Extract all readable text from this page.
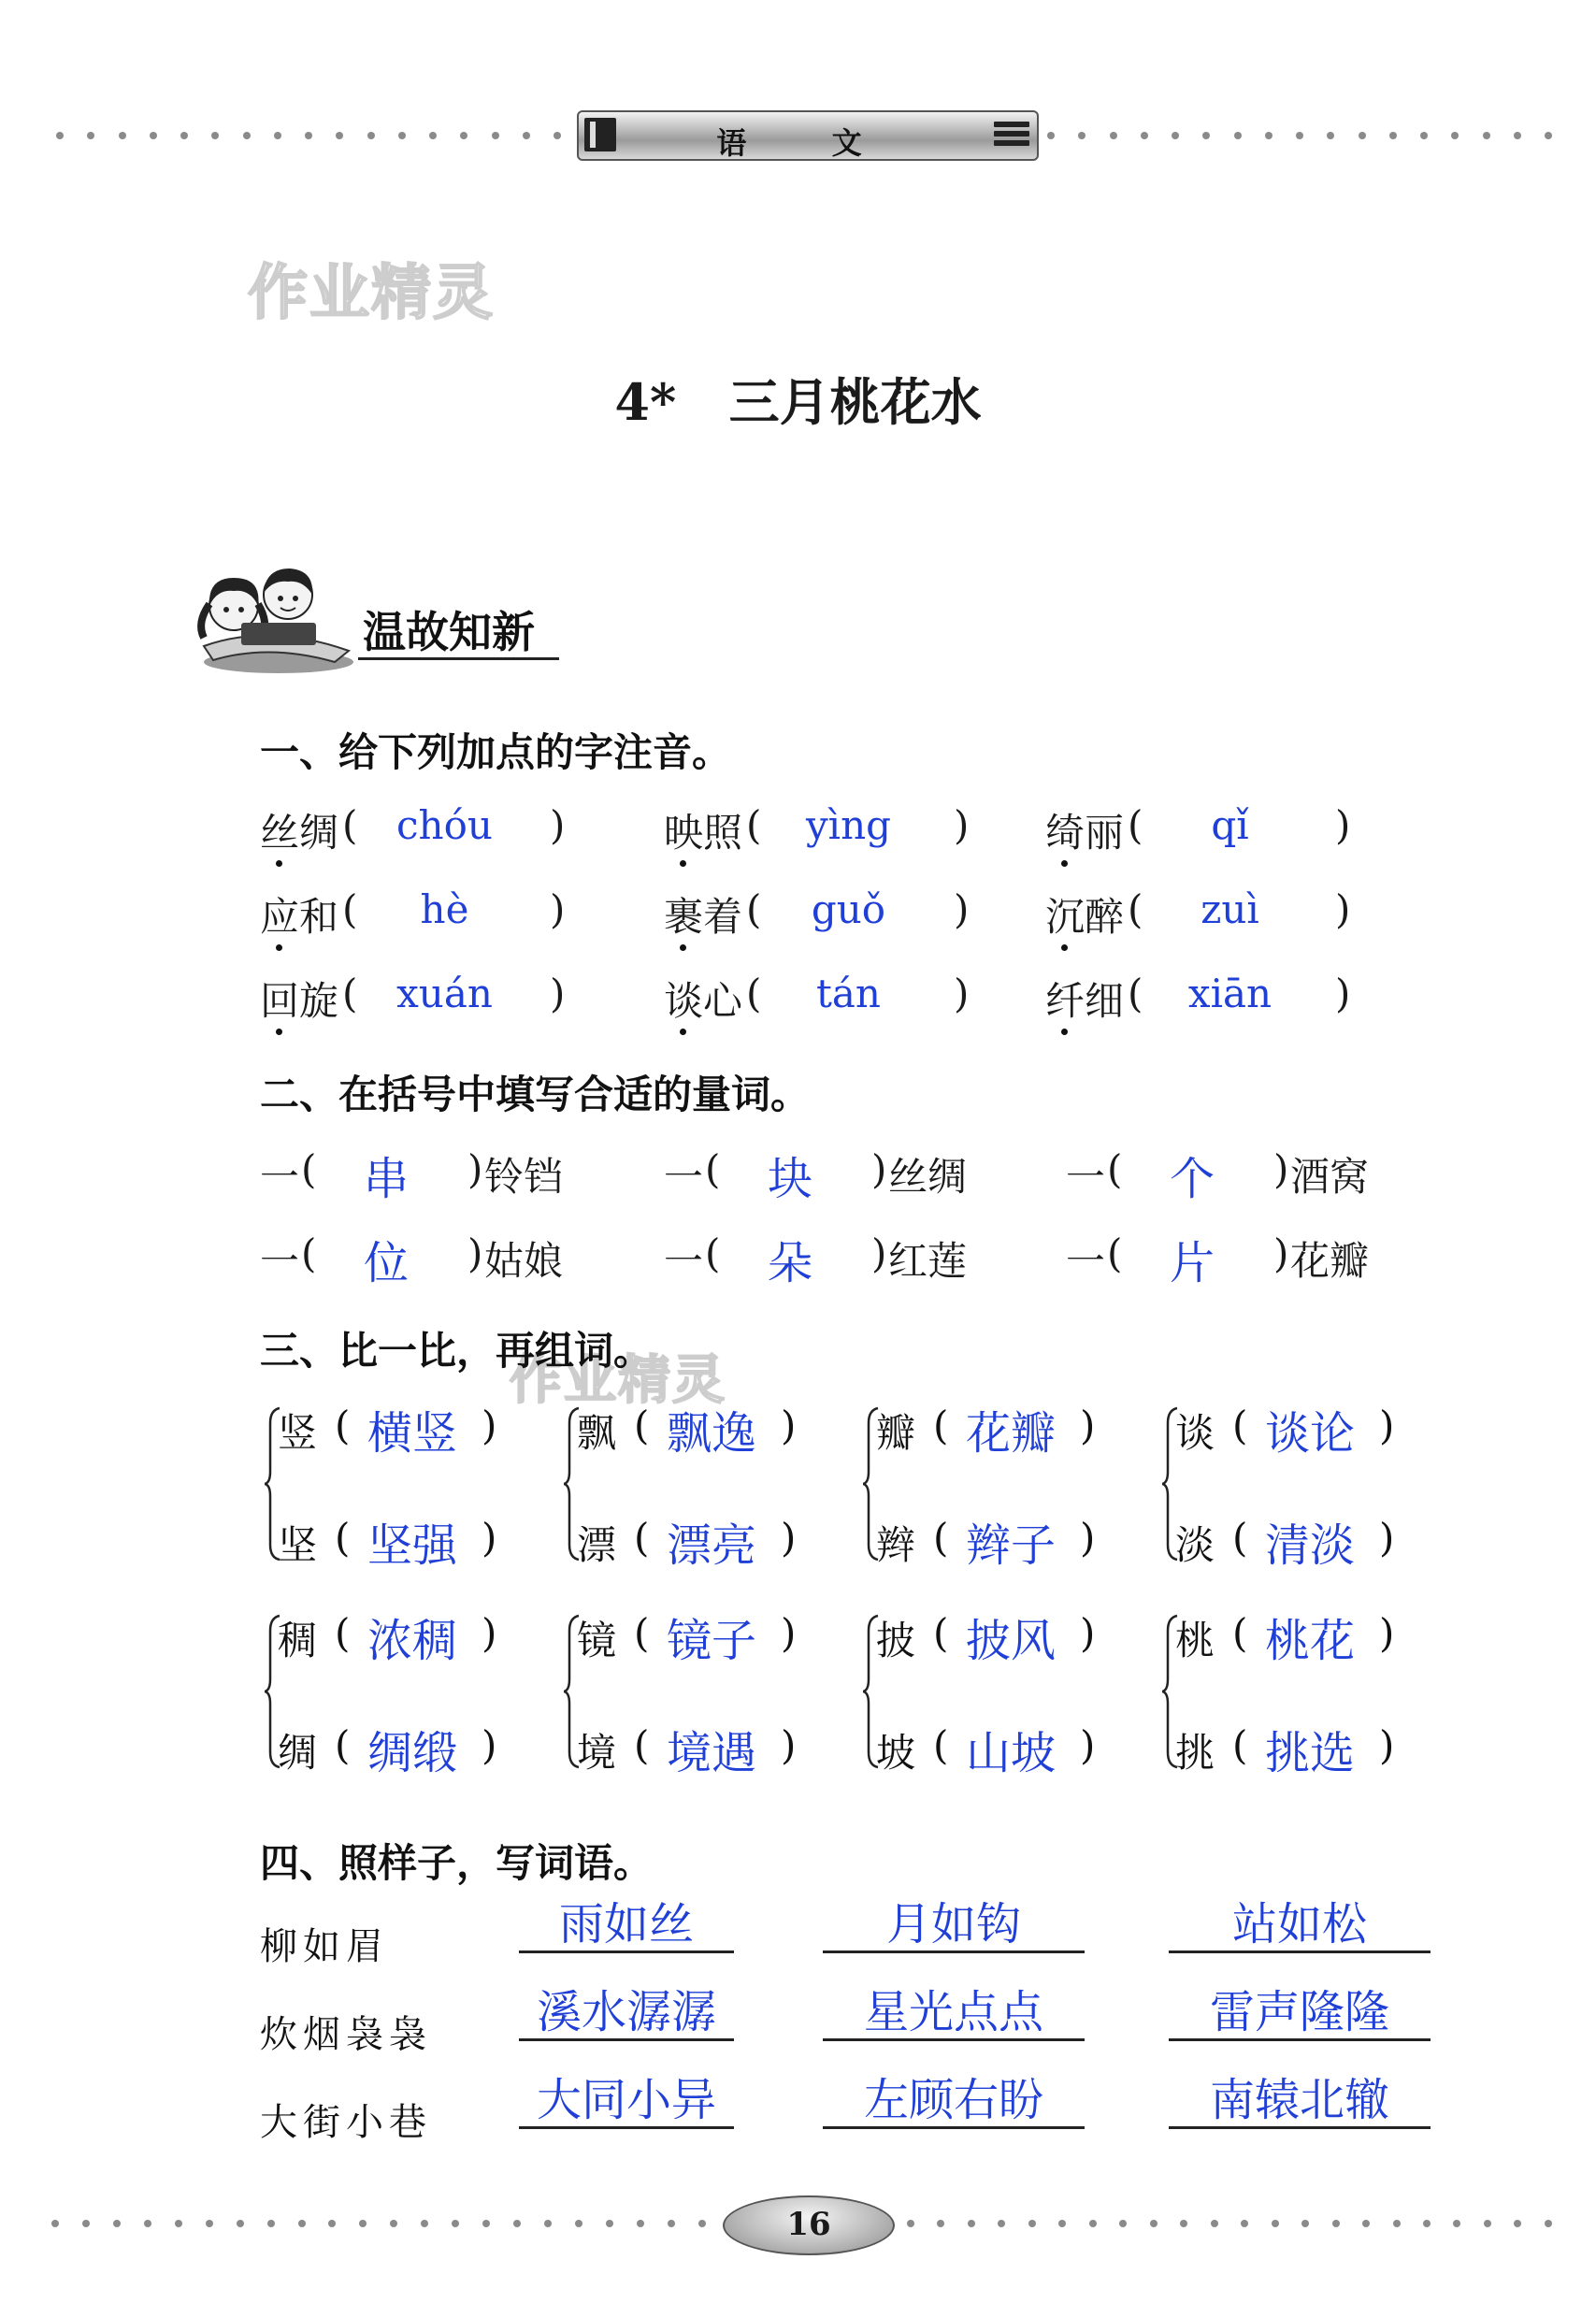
语 文
作业精灵
作业精灵
4*   三月桃花水
温故知新
一、给下列加点的字注音。
二、在括号中填写合适的量词。
三、比一比，再组词。
四、照样子，写词语。
16
丝绸 ( chóu	)	映照 (	yìng	) 绮丽 (	qǐ	)
应和 (	hè	)	裹着 (	guǒ	) 沉醉 (	zuì	)
回旋 ( xuán	)	谈心 (	tán	) 纤细 (	xiān	)
一 (	串	) 铃铛	一 (	块	) 丝绸	一 (	个	) 酒窝
一 (	位	) 姑娘	一 (	朵	) 红莲	一 (	片	) 花瓣
竖 ( 横竖 )
坚 ( 坚强 )
飘 ( 飘逸 )
漂 ( 漂亮 )
瓣 ( 花瓣 )
辫 ( 辫子 )
谈 ( 谈论 )
淡 ( 清淡 )
稠 ( 浓稠 )
绸 ( 绸缎 )
镜 ( 镜子 )
境 ( 境遇 )
披 ( 披风 )
坡 ( 山坡 )
桃 ( 桃花 )
挑 ( 挑选 )
柳如眉	雨如丝	月如钩	站如松
炊烟袅袅	溪水潺潺	星光点点	雷声隆隆
大街小巷	大同小异	左顾右盼	南辕北辙
